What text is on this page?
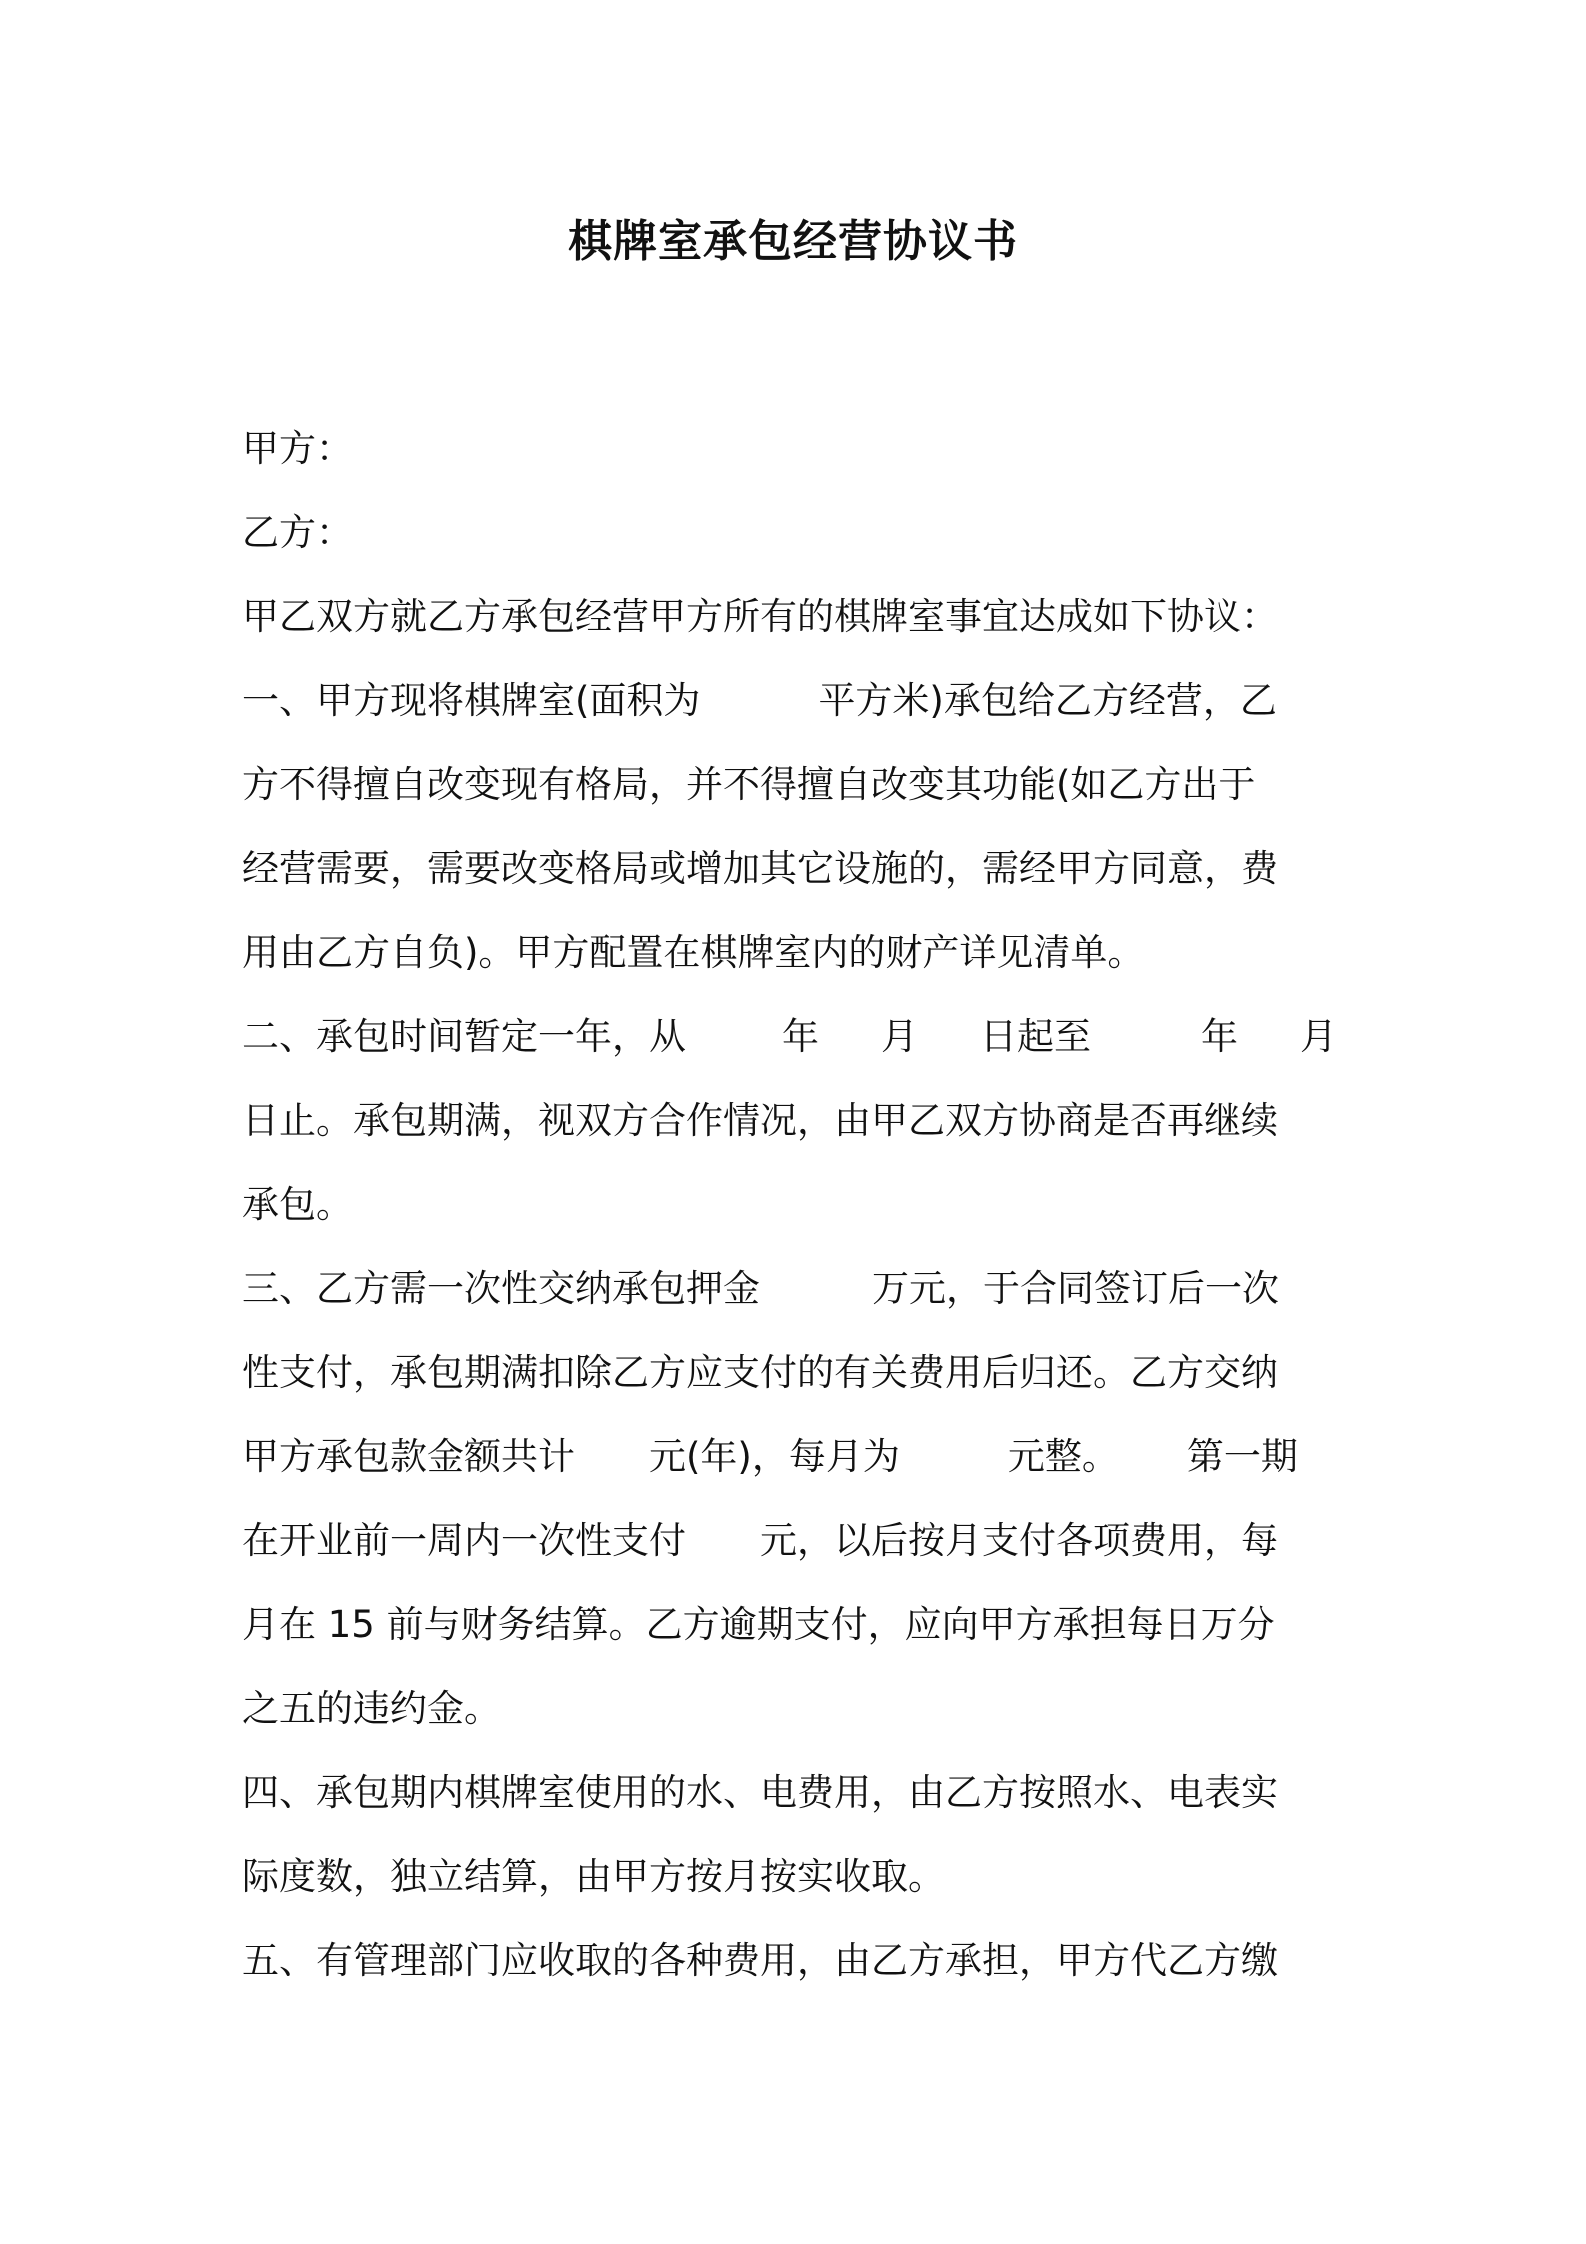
棋牌室承包经营协议书
甲方：
乙方：
甲乙双方就乙方承包经营甲方所有的棋牌室事宜达成如下协议：
一、甲方现将棋牌室(面积为	平方米)承包给乙方经营，乙
方不得擅自改变现有格局，并不得擅自改变其功能(如乙方出于
经营需要，需要改变格局或增加其它设施的，需经甲方同意，费
用由乙方自负)。甲方配置在棋牌室内的财产详见清单。
二、承包时间暂定一年，从	年 月 日起至	年 月
日止。承包期满，视双方合作情况，由甲乙双方协商是否再继续
承包。
三、乙方需一次性交纳承包押金	万元，于合同签订后一次
性支付，承包期满扣除乙方应支付的有关费用后归还。乙方交纳
甲方承包款金额共计 元(年)，每月为	元整。 第一期
在开业前一周内一次性支付 元，以后按月支付各项费用，每
月在 15 前与财务结算。乙方逾期支付，应向甲方承担每日万分
之五的违约金。
四、承包期内棋牌室使用的水、电费用，由乙方按照水、电表实
际度数，独立结算，由甲方按月按实收取。
五、有管理部门应收取的各种费用，由乙方承担，甲方代乙方缴
